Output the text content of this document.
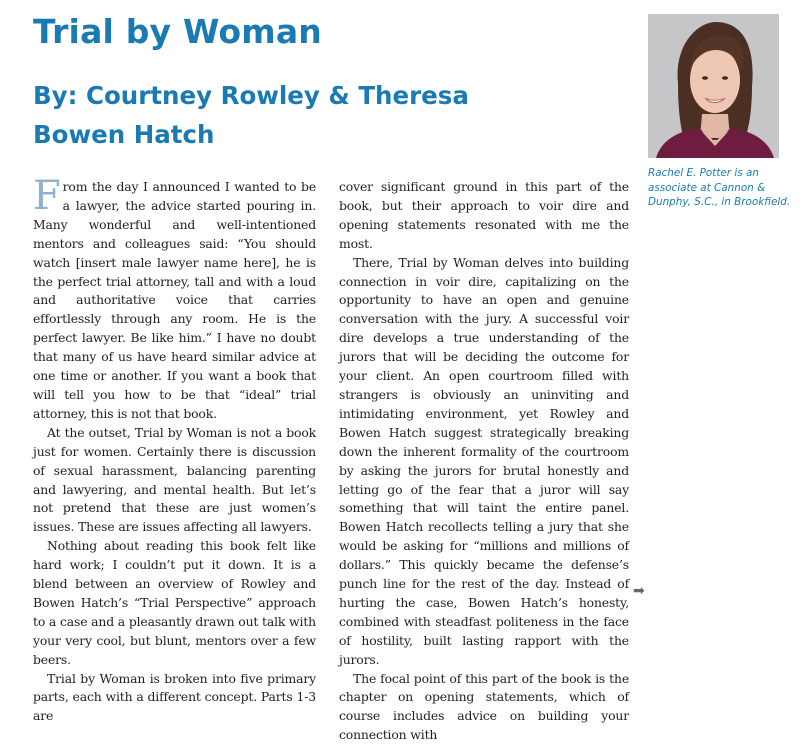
Trial by Woman
By: Courtney Rowley & Theresa
Bowen Hatch

From the day I announced I wanted to be a lawyer, the advice started pouring in. Many wonderful and well-intentioned mentors and colleagues said: “You should watch [insert male lawyer name here], he is the perfect trial attorney, tall and with a loud and authoritative voice that carries effortlessly through any room. He is the perfect lawyer. Be like him.” I have no doubt that many of us have heard similar advice at one time or another. If you want a book that will tell you how to be that “ideal” trial attorney, this is not that book.

At the outset, Trial by Woman is not a book just for women. Certainly there is discussion of sexual harassment, balancing parenting and lawyering, and mental health. But let’s not pretend that these are just women’s issues. These are issues affecting all lawyers.

Nothing about reading this book felt like hard work; I couldn’t put it down. It is a blend between an overview of Rowley and Bowen Hatch’s “Trial Perspective” approach to a case and a pleasantly drawn out talk with your very cool, but blunt, mentors over a few beers.

Trial by Woman is broken into five primary parts, each with a different concept. Parts 1-3 are

cover significant ground in this part of the book, but their approach to voir dire and opening statements resonated with me the most.

There, Trial by Woman delves into building connection in voir dire, capitalizing on the opportunity to have an open and genuine conversation with the jury. A successful voir dire develops a true understanding of the jurors that will be deciding the outcome for your client. An open courtroom filled with strangers is obviously an uninviting and intimidating environment, yet Rowley and Bowen Hatch suggest strategically breaking down the inherent formality of the courtroom by asking the jurors for brutal honestly and letting go of the fear that a juror will say something that will taint the entire panel. Bowen Hatch recollects telling a jury that she would be asking for “millions and millions of dollars.” This quickly became the defense’s punch line for the rest of the day. Instead of hurting the case, Bowen Hatch’s honesty, combined with steadfast politeness in the face of hostility, built lasting rapport with the jurors.

The focal point of this part of the book is the chapter on opening statements, which of course includes advice on building your connection with

➡

Rachel E. Potter is an associate at Cannon & Dunphy, S.C., in Brookfield.
